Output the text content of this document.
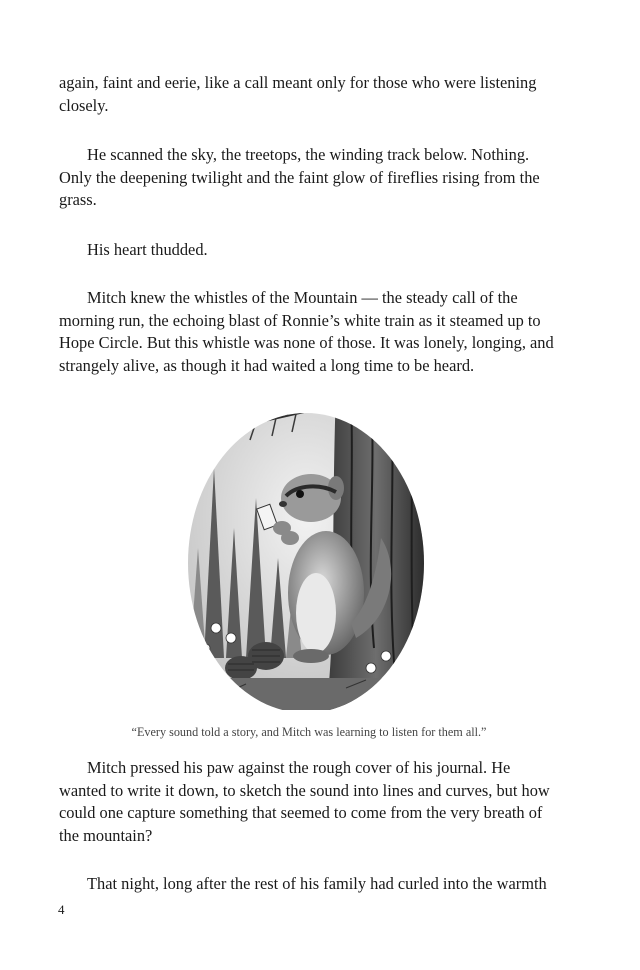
again, faint and eerie, like a call meant only for those who were listening closely.

He scanned the sky, the treetops, the winding track below. Nothing. Only the deepening twilight and the faint glow of fireflies rising from the grass.

His heart thudded.

Mitch knew the whistles of the Mountain — the steady call of the morning run, the echoing blast of Ronnie’s white train as it steamed up to Hope Circle. But this whistle was none of those. It was lonely, longing, and strangely alive, as though it had waited a long time to be heard.

“Every sound told a story, and Mitch was learning to listen for them all.”

Mitch pressed his paw against the rough cover of his journal. He wanted to write it down, to sketch the sound into lines and curves, but how could one capture something that seemed to come from the very breath of the mountain?

That night, long after the rest of his family had curled into the warmth

4
